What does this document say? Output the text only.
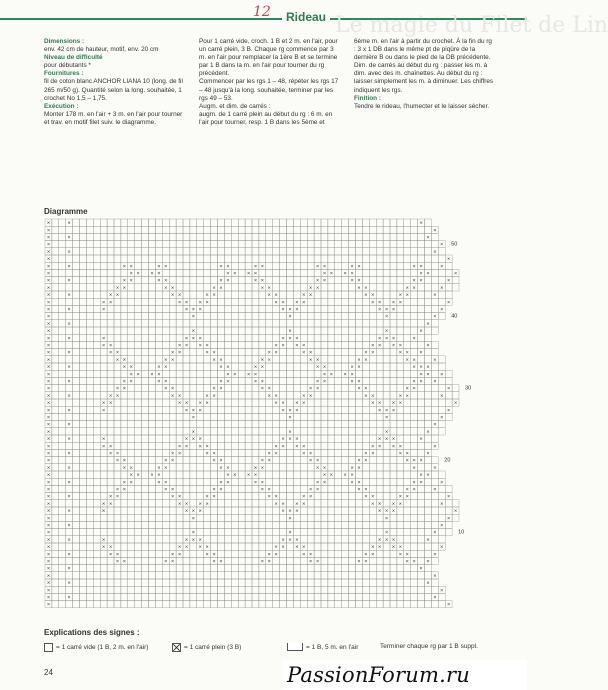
Le magie du Filet de Lin
12	Rideau

Dimensions :
env. 42 cm de hauteur, motif, env. 20 cm

Niveau de difficulté
pour débutants *

Fournitures :
fil de coton blanc ANCHOR LIANA 10 (long. de fil 265 m/50 g). Quantité selon la long. souhaitée, 1 crochet No 1,5 – 1,75.

Exécution :
Monter 178 m. en l'air + 3 m. en l'air pour tourner et trav. en motif filet suiv. le diagramme.

Pour 1 carré vide, croch. 1 B et 2 m. en l'air, pour un carré plein, 3 B. Chaque rg commence par 3 m. en l'air pour remplacer la 1ère B et se termine par 1 B dans la m. en l'air pour tourner du rg précédent.

Commencer par les rgs 1 – 48, répéter les rgs 17 – 48 jusqu'à la long. souhaitée, terminer par les rgs 49 – 53.

Augm. et dim. de carrés :

augm. de 1 carré plein au début du rg : 6 m. en l'air pour tourner, resp. 1 B dans les 5ème et

6ème m. en l'air à partir du crochet. À la fin du rg : 3 x 1 DB dans le même pt de piqûre de la dernière B ou dans le pied de la DB précédente.

Dim. de carrés au début du rg : passer les m. à dim. avec des m. chaînettes. Au début du rg : laisser simplement les m. à diminuer. Les chiffres indiquent les rgs.

Finition :
Tendre le rideau, l'humecter et le laisser sécher.

Diagramme
×	×	×
×	×
×	×	×
×	×
×	×	×
×	×
×	×	× ×	× ×	× ×	× ×	× ×	× ×	× ×	×
×	× × × ×	× × × ×	× × × ×	× ×	×
×	×	× ×	× ×	× ×	× ×	× ×	× ×	× ×	×
×	× ×	× ×	× ×	× ×	× ×	× ×	× ×	×
×	×	× ×	× ×	× ×	× ×	× ×	× ×	× ×	×
×	× ×	× × × ×	× × × ×	× × × ×	×
×	×	×	× × ×	× × ×	× × ×	×
×	×	×	×	×
×	×	×
×	×	×	×	×
×	×	×	× × ×	× × ×	× × ×	×
×	× ×	× × × ×	× × × ×	× × × ×	×
×	×	× ×	× ×	× ×	× ×	× ×	× ×	× × ×
×	× ×	× ×	× ×	× ×	× ×	× ×	× ×	×
×	×	× ×	× ×	× ×	× ×	× ×	× ×	× × ×
×	× × × ×	× × × ×	× × × ×	× × ×
×	×	× ×	× ×	× ×	× ×	× ×	× ×	× × ×
×	× ×	× ×	× ×	× ×	× ×	× ×	× ×	×
×	×	× ×	× ×	× ×	× ×	× ×	× ×	× ×	×
×	× ×	× × × ×	× × × ×	× × × ×	×
×	×	×	× × ×	× × ×	× × ×	×
×	×	×	×	×
×	×	×
×	×	×	×	×
×	×	×	× × ×	× × ×	× × ×	×
×	× ×	× × × ×	× × × ×	× × × ×	×
×	×	× ×	× ×	× ×	× ×	× ×	× ×	× ×	×
×	× ×	× ×	× ×	× ×	× ×	× ×	× × ×
×	×	× ×	× ×	× ×	× ×	× ×	× ×	×	×
×	× × × ×	× × × ×	× × × ×	× ×
×	×	× ×	× ×	× ×	× ×	× ×	× ×	× ×	×
×	× ×	× ×	× ×	× ×	× ×	× ×	× ×	×
×	×	× ×	× ×	× ×	× ×	× ×	× ×	× ×	×
×	× ×	× × × ×	× × × ×	× × × ×	×
×	×	×	× × ×	× × ×	× × ×	×
×	×	×	×	×
×	×	×
×	×	×	×	×
×	×	×	× × ×	× × ×	× × ×	×
×	× ×	× × × ×	× × × ×	× × × ×	×
×	×	× ×	× ×	× ×	× ×	× ×	× ×	× ×	×
×	× ×	× ×	× ×	× ×	× ×	× ×	× × ×
×	×	×
×	×
×	×	×
×	×
×	×	×
×	×
50
40
30
20
10
Explications des signes :
= 1 carré vide (1 B, 2 m. en l'air)	= 1 carré plein (3 B)	= 1 B, 5 m. en l'air	Terminer chaque rg par 1 B suppl.
24	PassionForum.ru
